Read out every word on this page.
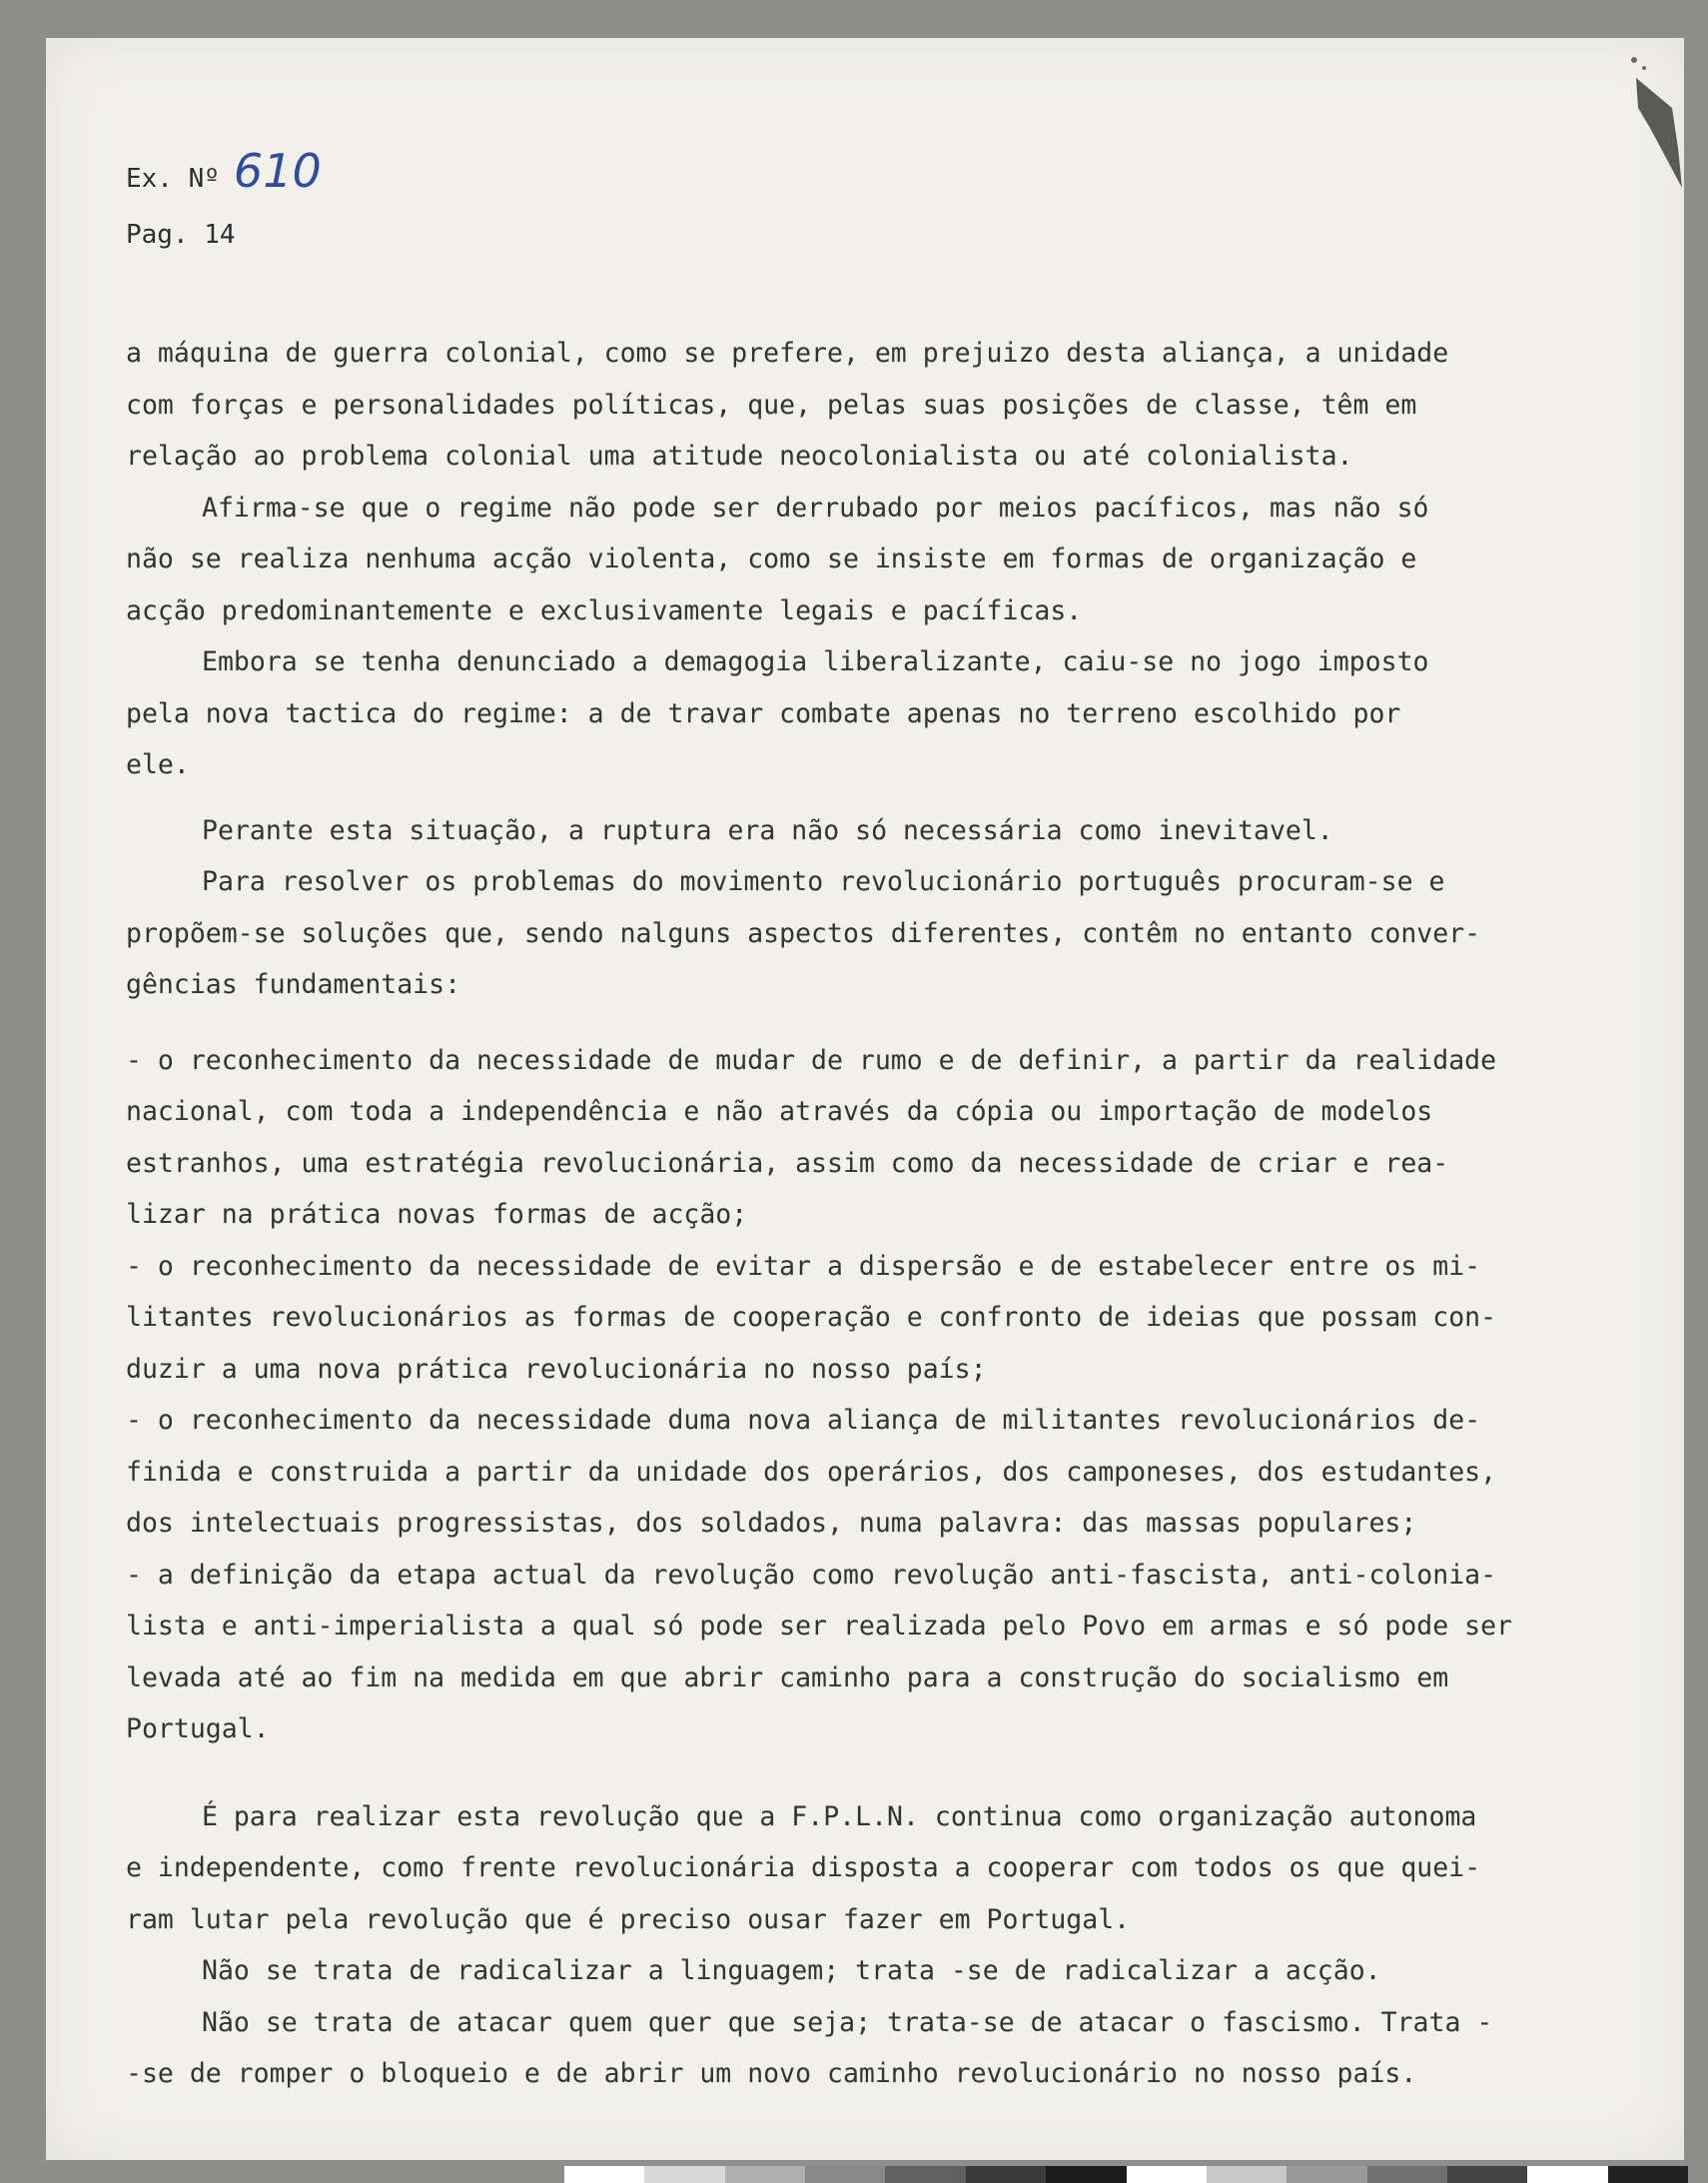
Ex. Nº 610
Pag. 14
a máquina de guerra colonial, como se prefere, em prejuizo desta aliança, a unidade
com forças e personalidades políticas, que, pelas suas posições de classe, têm em
relação ao problema colonial uma atitude neocolonialista ou até colonialista.
Afirma-se que o regime não pode ser derrubado por meios pacíficos, mas não só
não se realiza nenhuma acção violenta, como se insiste em formas de organização e
acção predominantemente e exclusivamente legais e pacíficas.
Embora se tenha denunciado a demagogia liberalizante, caiu-se no jogo imposto
pela nova tactica do regime: a de travar combate apenas no terreno escolhido por
ele.
Perante esta situação, a ruptura era não só necessária como inevitavel.
Para resolver os problemas do movimento revolucionário português procuram-se e
propõem-se soluções que, sendo nalguns aspectos diferentes, contêm no entanto conver-
gências fundamentais:
- o reconhecimento da necessidade de mudar de rumo e de definir, a partir da realidade
nacional, com toda a independência e não através da cópia ou importação de modelos
estranhos, uma estratégia revolucionária, assim como da necessidade de criar e rea-
lizar na prática novas formas de acção;
- o reconhecimento da necessidade de evitar a dispersão e de estabelecer entre os mi-
litantes revolucionários as formas de cooperação e confronto de ideias que possam con-
duzir a uma nova prática revolucionária no nosso país;
- o reconhecimento da necessidade duma nova aliança de militantes revolucionários de-
finida e construida a partir da unidade dos operários, dos camponeses, dos estudantes,
dos intelectuais progressistas, dos soldados, numa palavra: das massas populares;
- a definição da etapa actual da revolução como revolução anti-fascista, anti-colonia-
lista e anti-imperialista a qual só pode ser realizada pelo Povo em armas e só pode ser
levada até ao fim na medida em que abrir caminho para a construção do socialismo em
Portugal.
É para realizar esta revolução que a F.P.L.N. continua como organização autonoma
e independente, como frente revolucionária disposta a cooperar com todos os que quei-
ram lutar pela revolução que é preciso ousar fazer em Portugal.
Não se trata de radicalizar a linguagem; trata -se de radicalizar a acção.
Não se trata de atacar quem quer que seja; trata-se de atacar o fascismo. Trata -
-se de romper o bloqueio e de abrir um novo caminho revolucionário no nosso país.
